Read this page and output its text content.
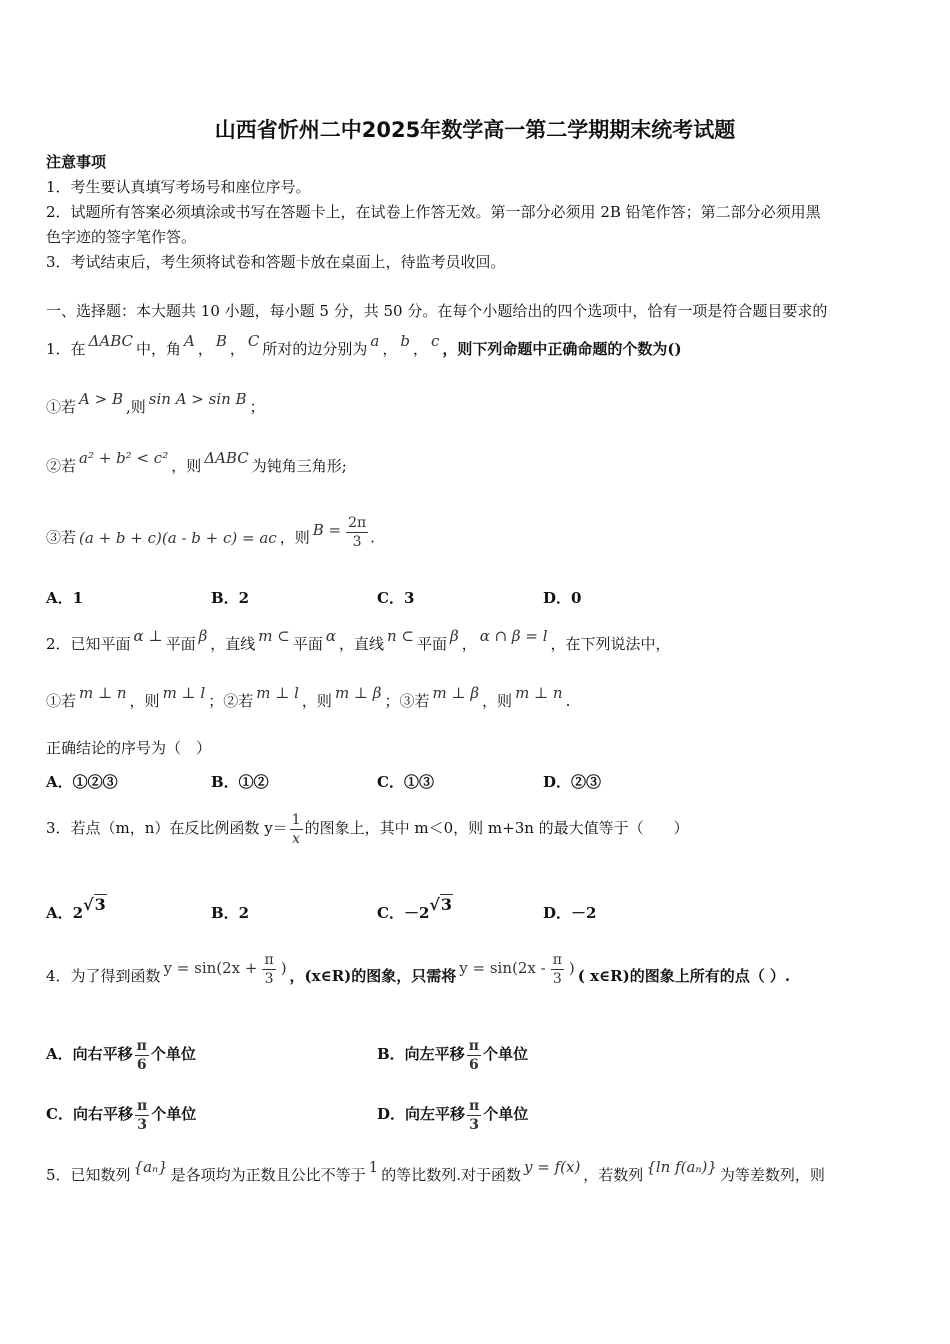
山西省忻州二中2025年数学高一第二学期期末统考试题
注意事项
1．考生要认真填写考场号和座位序号。
2．试题所有答案必须填涂或书写在答题卡上，在试卷上作答无效。第一部分必须用 2B 铅笔作答；第二部分必须用黑
色字迹的签字笔作答。
3．考试结束后，考生须将试卷和答题卡放在桌面上，待监考员收回。
一、选择题：本大题共 10 小题，每小题 5 分，共 50 分。在每个小题给出的四个选项中，恰有一项是符合题目要求的
1．在 ΔABC 中，角 A ， B ， C 所对的边分别为 a ， b ， c ，则下列命题中正确命题的个数为()
①若 A > B ,则 sin A > sin B ；
②若 a² + b² < c² ，则 ΔABC 为钝角三角形;
③若 (a + b + c)(a - b + c) = ac ，则 $B = \frac{2\pi}{3}$ .
A．1	B．2	C．3	D．0
2．已知平面 α ⊥ 平面 β ，直线 m ⊂ 平面 α ，直线 n ⊂ 平面 β ， α ∩ β = l ，在下列说法中，
①若 m ⊥ n ，则 m ⊥ l ；②若 m ⊥ l ，则 m ⊥ β ；③若 m ⊥ β ，则 m ⊥ n .
正确结论的序号为（　）
A．①②③	B．①②	C．①③	D．②③
3．若点（m，n）在反比例函数 $y= \frac{1}{x}$ 的图象上，其中 m＜0，则 m+3n 的最大值等于（　　）
A．2√3	B．2	C．－2√3	D．－2
4．为了得到函数 $y = \sin(2x + \frac{\pi}{3}$ ) ，(x∈R)的图象，只需将 $y = \sin(2x - \frac{\pi}{3}$ ) ( x∈R)的图象上所有的点（ ）.
A．向右平移 $\frac{\pi}{6}$ 个单位	B．向左平移 $\frac{\pi}{6}$ 个单位
C．向右平移 $\frac{\pi}{3}$ 个单位	D．向左平移 $\frac{\pi}{3}$ 个单位
5．已知数列 {aₙ} 是各项均为正数且公比不等于 1 的等比数列.对于函数 y = f(x) ，若数列 {ln f(aₙ)} 为等差数列，则
